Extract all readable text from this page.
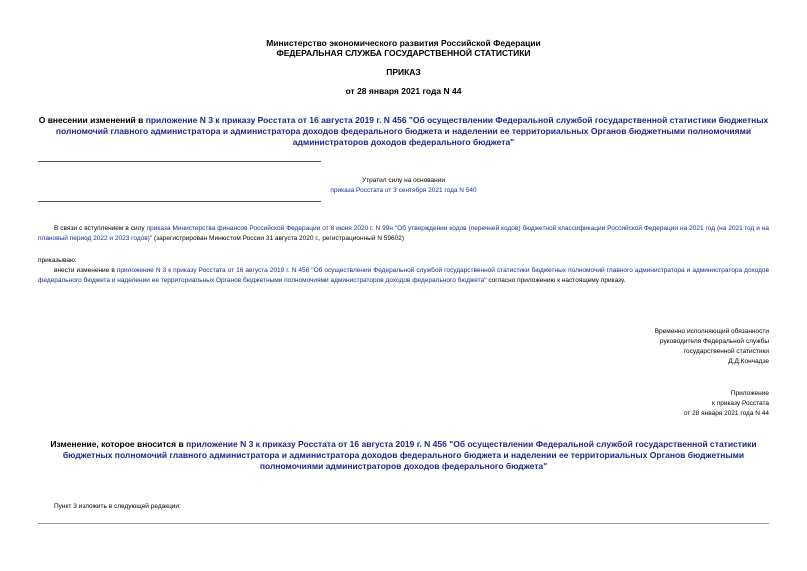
Министерство экономического развития Российской Федерации
ФЕДЕРАЛЬНАЯ СЛУЖБА ГОСУДАРСТВЕННОЙ СТАТИСТИКИ
ПРИКАЗ
от 28 января 2021 года N 44
О внесении изменений в приложение N 3 к приказу Росстата от 16 августа 2019 г. N 456 "Об осуществлении Федеральной службой государственной статистики бюджетных полномочий главного администратора и администратора доходов федерального бюджета и наделении ее территориальных Органов бюджетными полномочиями администраторов доходов федерального бюджета"
Утратил силу на основании
приказа Росстата от 3 сентября 2021 года N 540
В связи с вступлением в силу приказа Министерства финансов Российской Федерации от 8 июня 2020 г. N 99н "Об утверждении кодов (перечней кодов) бюджетной классификации Российской Федерации на 2021 год (на 2021 год и на плановый период 2022 и 2023 годов)" (зарегистрирован Минюстом России 31 августа 2020 г., регистрационный N 59602)
приказываю:
внести изменение в приложение N 3 к приказу Росстата от 16 августа 2019 г. N 456 "Об осуществлении Федеральной службой государственной статистики бюджетных полномочий главного администратора и администратора доходов федерального бюджета и наделении ее территориальных Органов бюджетными полномочиями администраторов доходов федерального бюджета" согласно приложению к настоящему приказу.
Временно исполняющий обязанности
руководителя Федеральной службы
государственной статистики
Д.Д.Кончадзе
Приложение
к приказу Росстата
от 28 января 2021 года N 44
Изменение, которое вносится в приложение N 3 к приказу Росстата от 16 августа 2019 г. N 456 "Об осуществлении Федеральной службой государственной статистики бюджетных полномочий главного администратора и администратора доходов федерального бюджета и наделении ее территориальных Органов бюджетными полномочиями администраторов доходов федерального бюджета"
Пункт 3 изложить в следующей редакции:
